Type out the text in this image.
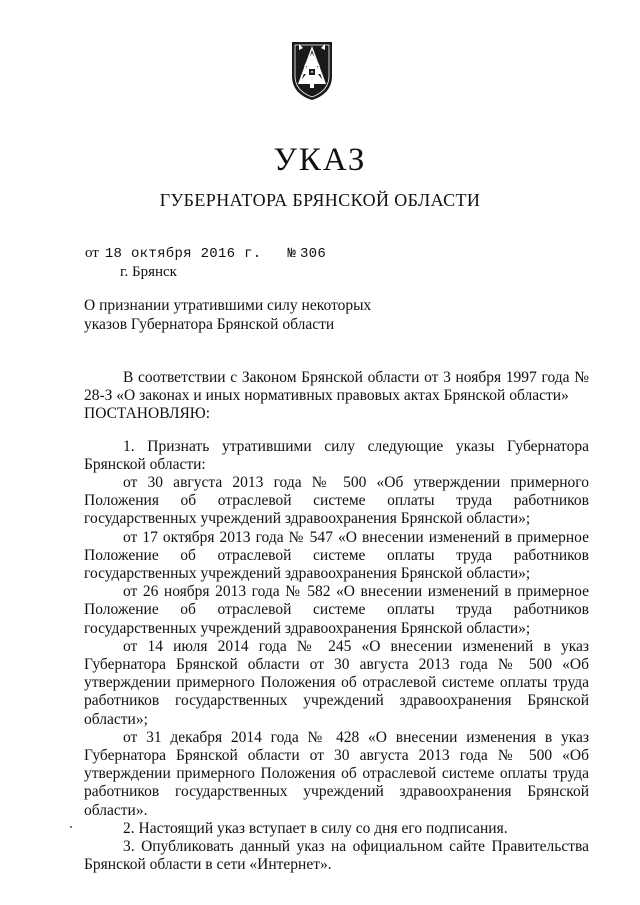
УКАЗ
ГУБЕРНАТОРА БРЯНСКОЙ ОБЛАСТИ
от 18 октября 2016 г. № 306
г. Брянск
О признании утратившими силу некоторых
указов Губернатора Брянской области

В соответствии с Законом Брянской области от 3 ноября 1997 года № 28-З «О законах и иных нормативных правовых актах Брянской области»

ПОСТАНОВЛЯЮ:

1. Признать утратившими силу следующие указы Губернатора Брянской области:

от 30 августа 2013 года № 500 «Об утверждении примерного Положения об отраслевой системе оплаты труда работников государственных учреждений здравоохранения Брянской области»;

от 17 октября 2013 года № 547 «О внесении изменений в примерное Положение об отраслевой системе оплаты труда работников государственных учреждений здравоохранения Брянской области»;

от 26 ноября 2013 года № 582 «О внесении изменений в примерное Положение об отраслевой системе оплаты труда работников государственных учреждений здравоохранения Брянской области»;

от 14 июля 2014 года № 245 «О внесении изменений в указ Губернатора Брянской области от 30 августа 2013 года № 500 «Об утверждении примерного Положения об отраслевой системе оплаты труда работников государственных учреждений здравоохранения Брянской области»;

от 31 декабря 2014 года № 428 «О внесении изменения в указ Губернатора Брянской области от 30 августа 2013 года № 500 «Об утверждении примерного Положения об отраслевой системе оплаты труда работников государственных учреждений здравоохранения Брянской области».

2. Настоящий указ вступает в силу со дня его подписания.

3. Опубликовать данный указ на официальном сайте Правительства Брянской области в сети «Интернет».
